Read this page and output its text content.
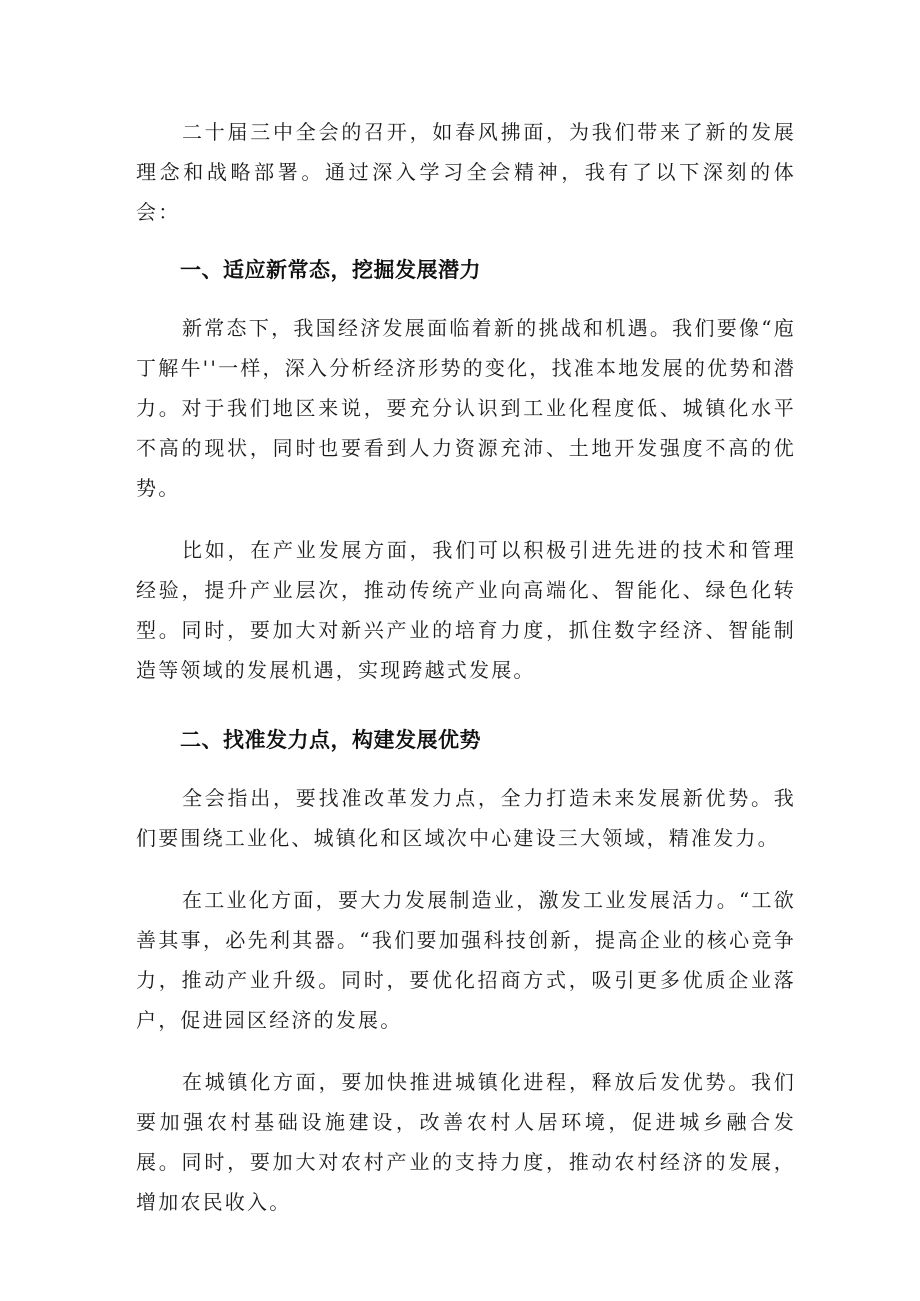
二十届三中全会的召开，如春风拂面，为我们带来了新的发展理念和战略部署。通过深入学习全会精神，我有了以下深刻的体会：

一、适应新常态，挖掘发展潜力

新常态下，我国经济发展面临着新的挑战和机遇。我们要像“庖丁解牛''一样，深入分析经济形势的变化，找准本地发展的优势和潜力。对于我们地区来说，要充分认识到工业化程度低、城镇化水平不高的现状，同时也要看到人力资源充沛、土地开发强度不高的优势。

比如，在产业发展方面，我们可以积极引进先进的技术和管理经验，提升产业层次，推动传统产业向高端化、智能化、绿色化转型。同时，要加大对新兴产业的培育力度，抓住数字经济、智能制造等领域的发展机遇，实现跨越式发展。

二、找准发力点，构建发展优势

全会指出，要找准改革发力点，全力打造未来发展新优势。我们要围绕工业化、城镇化和区域次中心建设三大领域，精准发力。

在工业化方面，要大力发展制造业，激发工业发展活力。“工欲善其事，必先利其器。“我们要加强科技创新，提高企业的核心竞争力，推动产业升级。同时，要优化招商方式，吸引更多优质企业落户，促进园区经济的发展。

在城镇化方面，要加快推进城镇化进程，释放后发优势。我们要加强农村基础设施建设，改善农村人居环境，促进城乡融合发展。同时，要加大对农村产业的支持力度，推动农村经济的发展，增加农民收入。
